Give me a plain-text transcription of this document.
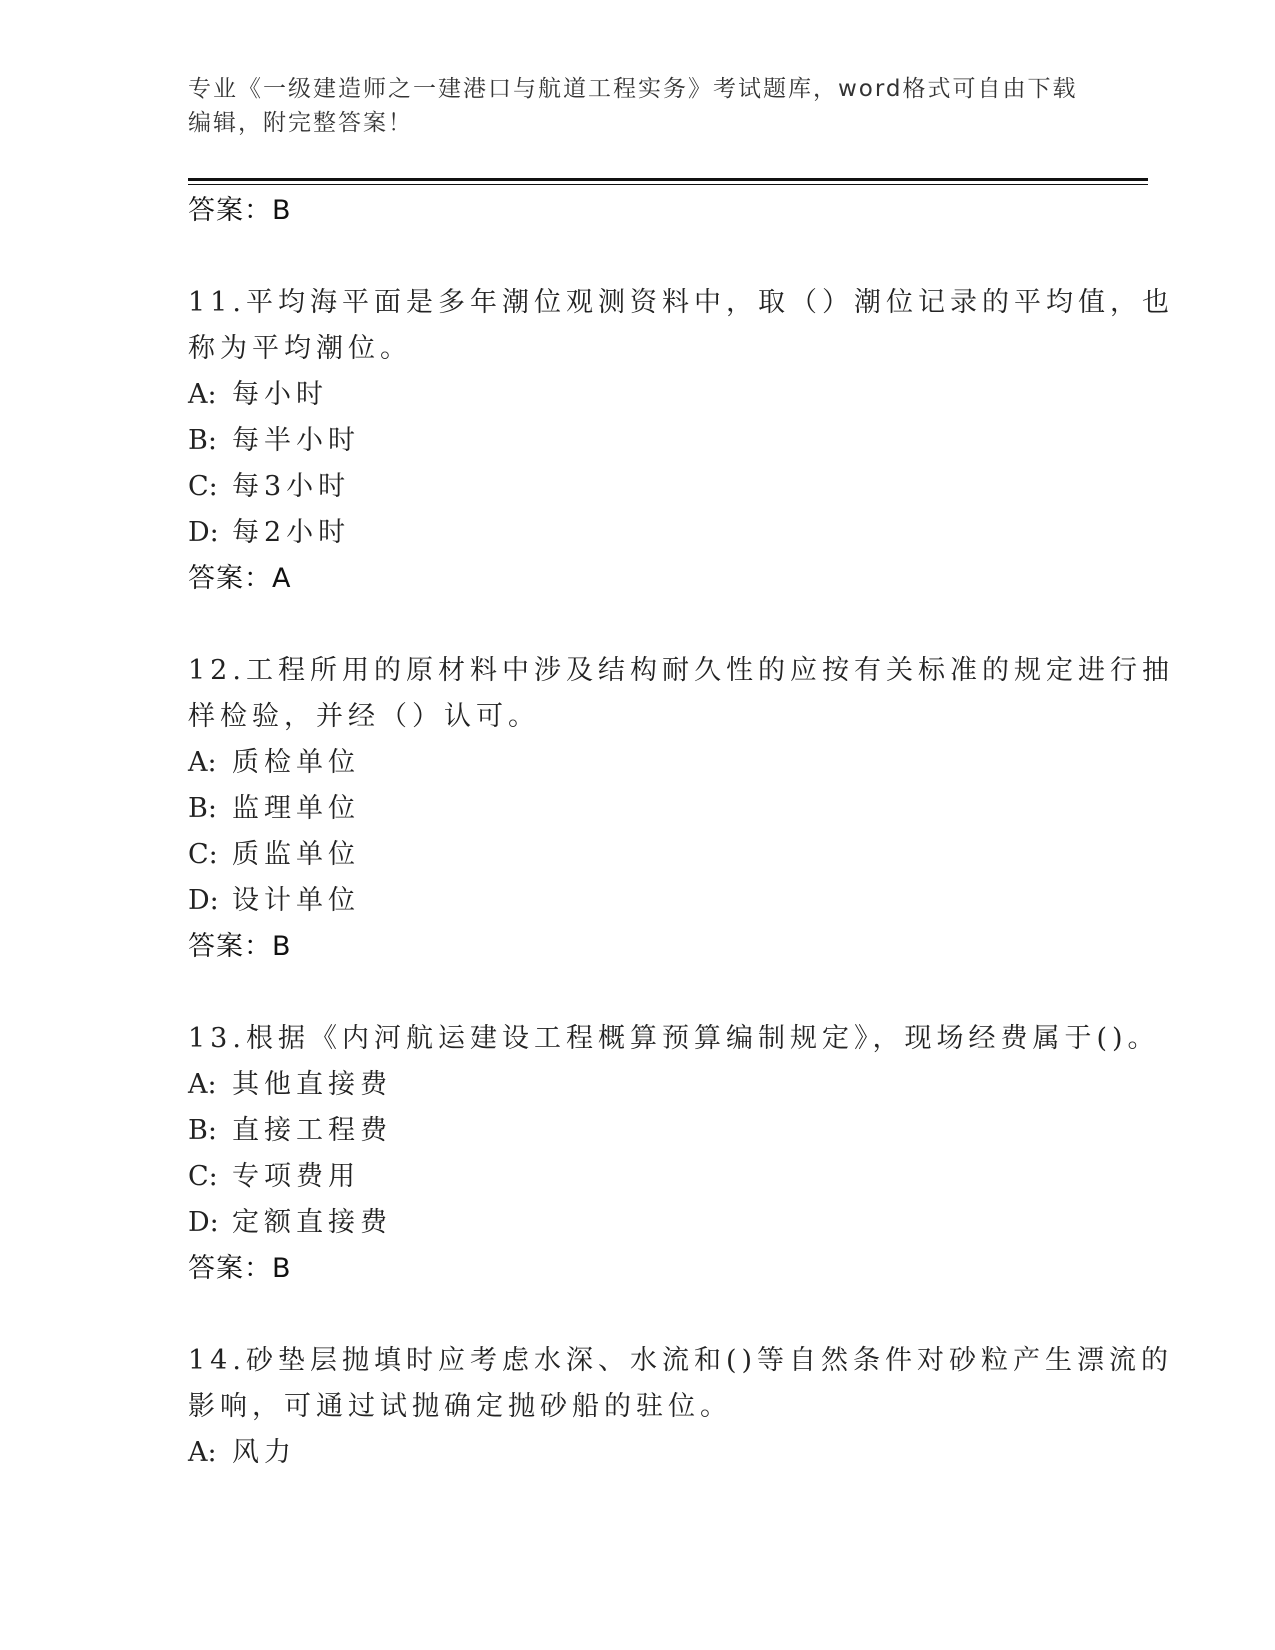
专业《一级建造师之一建港口与航道工程实务》考试题库，word格式可自由下载
编辑，附完整答案！
答案：B
11.平均海平面是多年潮位观测资料中，取（）潮位记录的平均值，也
称为平均潮位。
A: 每小时
B: 每半小时
C: 每3小时
D: 每2小时
答案：A
12.工程所用的原材料中涉及结构耐久性的应按有关标准的规定进行抽
样检验，并经（）认可。
A: 质检单位
B: 监理单位
C: 质监单位
D: 设计单位
答案：B
13.根据《内河航运建设工程概算预算编制规定》，现场经费属于()。
A: 其他直接费
B: 直接工程费
C: 专项费用
D: 定额直接费
答案：B
14.砂垫层抛填时应考虑水深、水流和()等自然条件对砂粒产生漂流的
影响，可通过试抛确定抛砂船的驻位。
A: 风力
